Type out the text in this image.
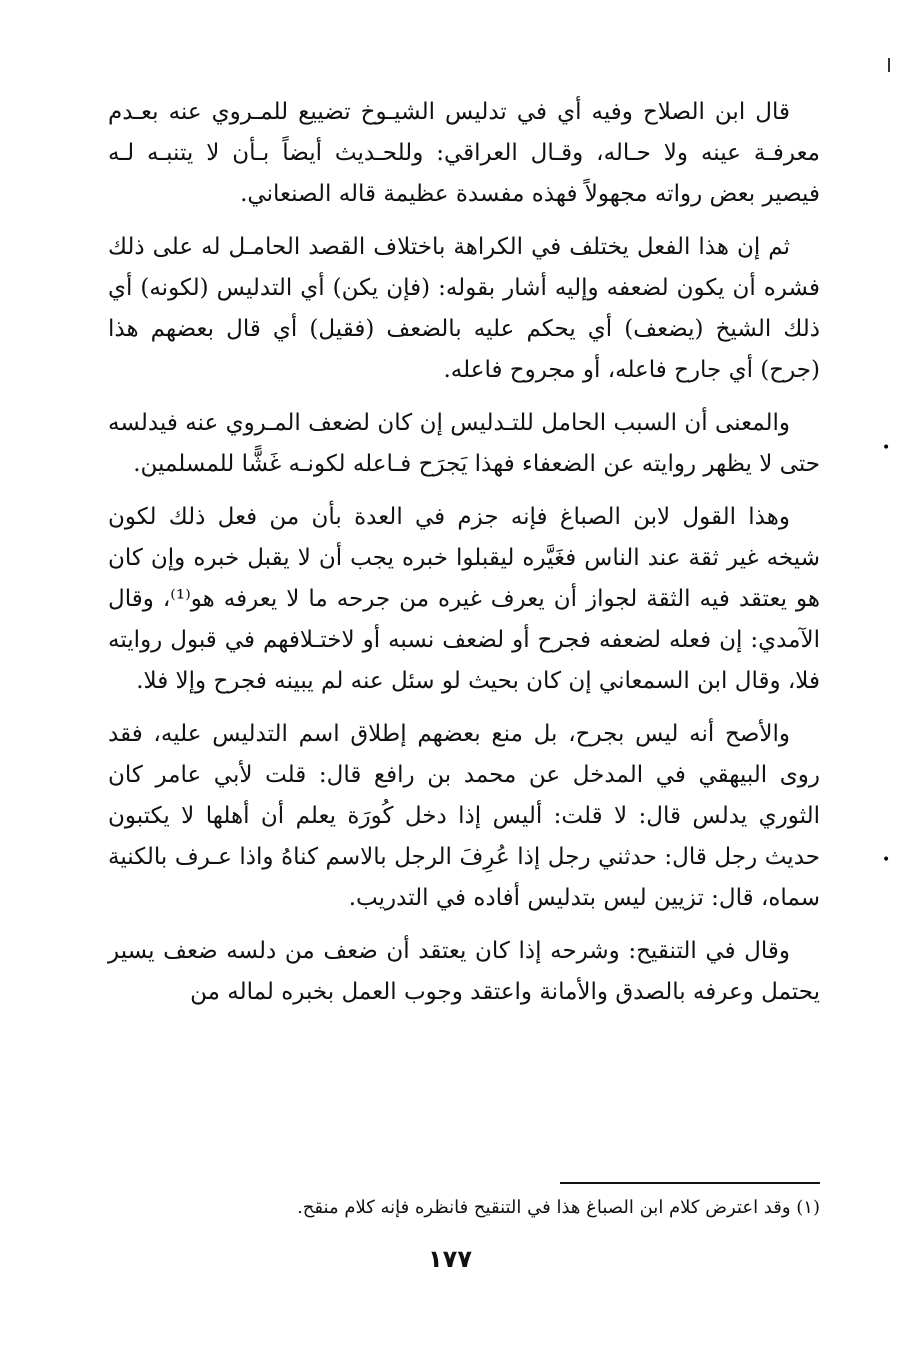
•
•

قال ابن الصلاح وفيه أي في تدليس الشيـوخ تضييع للمـروي عنه بعـدم معرفـة عينه ولا حـاله، وقـال العراقي: وللحـديث أيضاً بـأن لا يتنبـه لـه فيصير بعض رواته مجهولاً فهذه مفسدة عظيمة قاله الصنعاني.

ثم إن هذا الفعل يختلف في الكراهة باختلاف القصد الحامـل له على ذلك فشره أن يكون لضعفه وإليه أشار بقوله: (فإن يكن) أي التدليس (لكونه) أي ذلك الشيخ (يضعف) أي يحكم عليه بالضعف (فقيل) أي قال بعضهم هذا (جرح) أي جارح فاعله، أو مجروح فاعله.

والمعنى أن السبب الحامل للتـدليس إن كان لضعف المـروي عنه فيدلسه حتى لا يظهر روايته عن الضعفاء فهذا يَجرَح فـاعله لكونـه غَشًّا للمسلمين.

وهذا القول لابن الصباغ فإنه جزم في العدة بأن من فعل ذلك لكون شيخه غير ثقة عند الناس فغَيَّره ليقبلوا خبره يجب أن لا يقبل خبره وإن كان هو يعتقد فيه الثقة لجواز أن يعرف غيره من جرحه ما لا يعرفه هو⁽¹⁾، وقال الآمدي: إن فعله لضعفه فجرح أو لضعف نسبه أو لاختـلافهم في قبول روايته فلا، وقال ابن السمعاني إن كان بحيث لو سئل عنه لم يبينه فجرح وإلا فلا.

والأصح أنه ليس بجرح، بل منع بعضهم إطلاق اسم التدليس عليه، فقد روى البيهقي في المدخل عن محمد بن رافع قال: قلت لأبي عامر كان الثوري يدلس قال: لا قلت: أليس إذا دخل كُورَة يعلم أن أهلها لا يكتبون حديث رجل قال: حدثني رجل إذا عُرِفَ الرجل بالاسم كناهُ واذا عـرف بالكنية سماه، قال: تزيين ليس بتدليس أفاده في التدريب.

وقال في التنقيح: وشرحه إذا كان يعتقد أن ضعف من دلسه ضعف يسير يحتمل وعرفه بالصدق والأمانة واعتقد وجوب العمل بخبره لماله من

(١) وقد اعترض كلام ابن الصباغ هذا في التنقيح فانظره فإنه كلام منقح.
١٧٧
